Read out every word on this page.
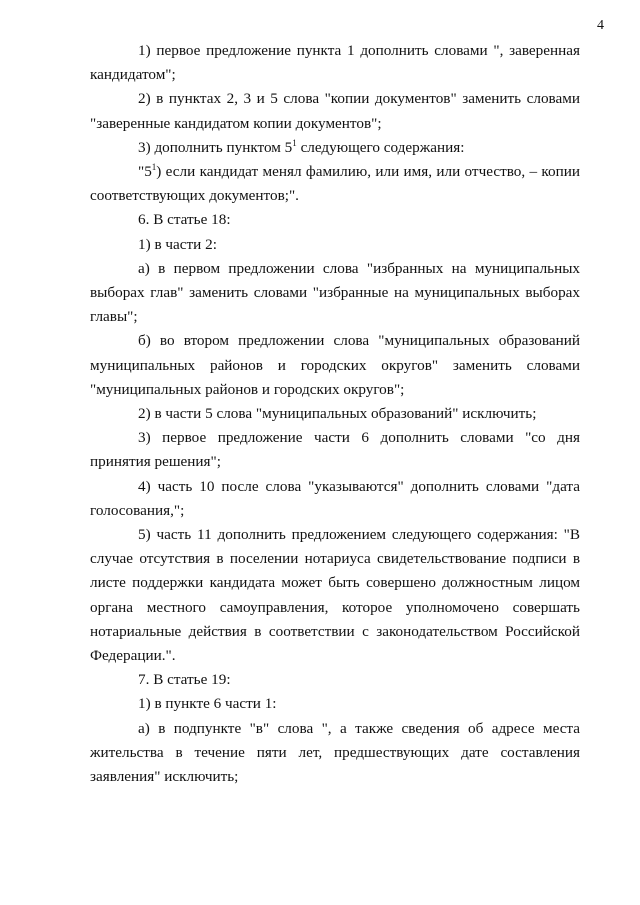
4

1) первое предложение пункта 1 дополнить словами ", заверенная кандидатом";

2) в пунктах 2, 3 и 5 слова "копии документов" заменить словами "заверенные кандидатом копии документов";

3) дополнить пунктом $5^1$ следующего содержания:

"$5^1$) если кандидат менял фамилию, или имя, или отчество, – копии соответствующих документов;".

6. В статье 18:

1) в части 2:

а) в первом предложении слова "избранных на муниципальных выборах глав" заменить словами "избранные на муниципальных выборах главы";

б) во втором предложении слова "муниципальных образований муниципальных районов и городских округов" заменить словами "муниципальных районов и городских округов";

2) в части 5 слова "муниципальных образований" исключить;

3) первое предложение части 6 дополнить словами "со дня принятия решения";

4) часть 10 после слова "указываются" дополнить словами "дата голосования,";

5) часть 11 дополнить предложением следующего содержания: "В случае отсутствия в поселении нотариуса свидетельствование подписи в листе поддержки кандидата может быть совершено должностным лицом органа местного самоуправления, которое уполномочено совершать нотариальные действия в соответствии с законодательством Российской Федерации.".

7. В статье 19:

1) в пункте 6 части 1:

а) в подпункте "в" слова ", а также сведения об адресе места жительства в течение пяти лет, предшествующих дате составления заявления" исключить;
